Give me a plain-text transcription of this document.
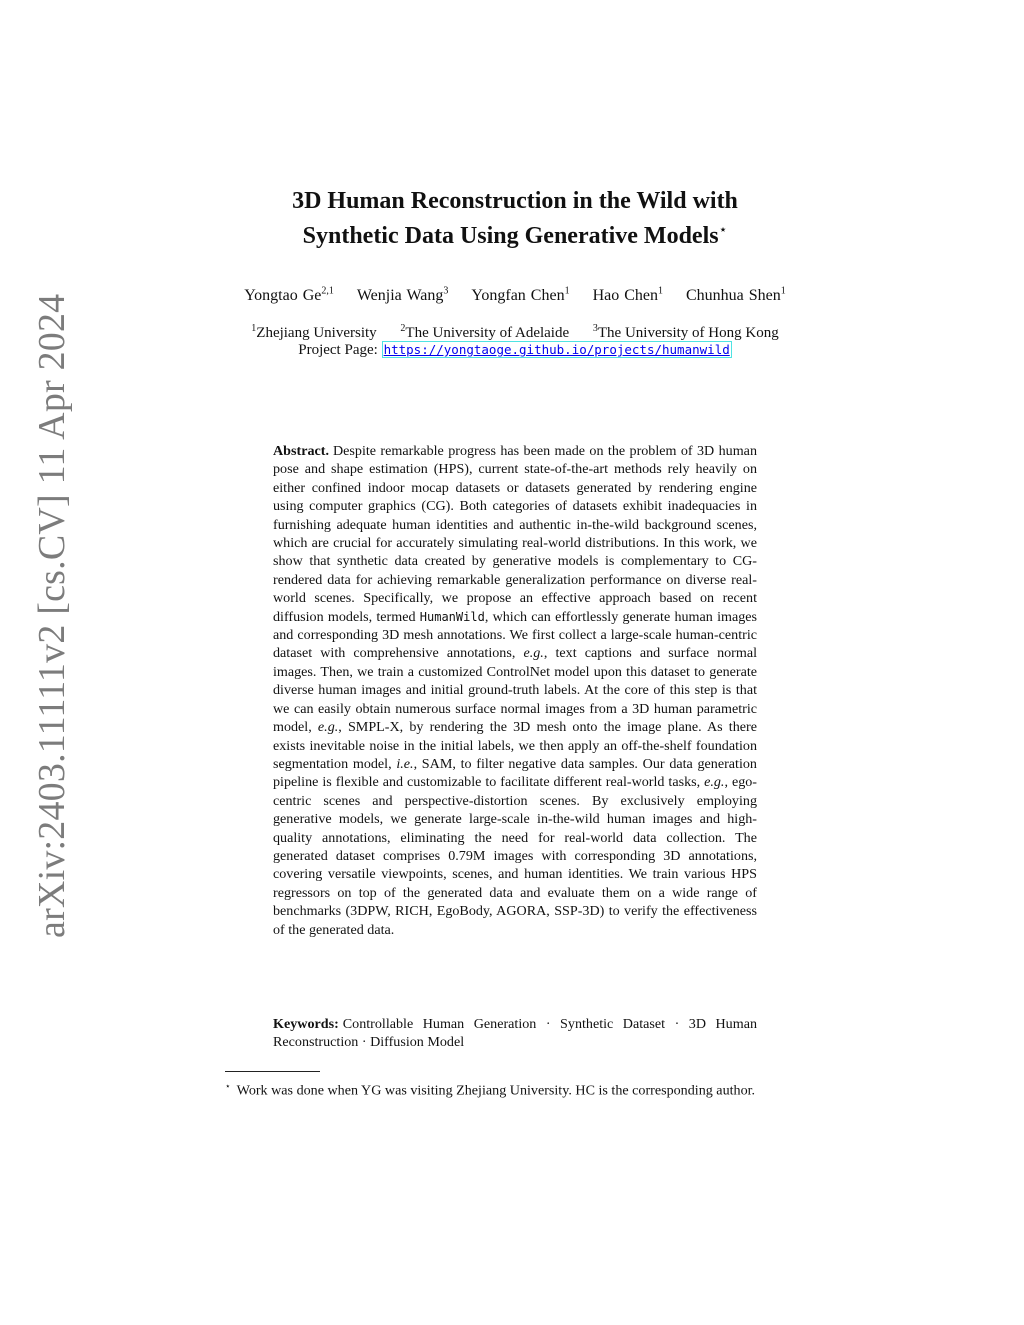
arXiv:2403.11111v2 [cs.CV] 11 Apr 2024
3D Human Reconstruction in the Wild with
Synthetic Data Using Generative Models⋆
Yongtao Ge$^{2,1}$ Wenjia Wang$^3$ Yongfan Chen$^1$ Hao Chen$^1$ Chunhua Shen$^1$
$^1$Zhejiang University $^2$The University of Adelaide $^3$The University of Hong Kong
Project Page: https://yongtaoge.github.io/projects/humanwild

Abstract. Despite remarkable progress has been made on the problem of 3D human pose and shape estimation (HPS), current state-of-the-art methods rely heavily on either confined indoor mocap datasets or datasets generated by rendering engine using computer graphics (CG). Both categories of datasets exhibit inadequacies in furnishing adequate human identities and authentic in-the-wild background scenes, which are crucial for accurately simulating real-world distributions. In this work, we show that synthetic data created by generative models is complementary to CG-rendered data for achieving remarkable generalization performance on diverse real-world scenes. Specifically, we propose an effective approach based on recent diffusion models, termed HumanWild, which can effortlessly generate human images and corresponding 3D mesh annotations. We first collect a large-scale human-centric dataset with comprehensive annotations, e.g., text captions and surface normal images. Then, we train a customized ControlNet model upon this dataset to generate diverse human images and initial ground-truth labels. At the core of this step is that we can easily obtain numerous surface normal images from a 3D human parametric model, e.g., SMPL-X, by rendering the 3D mesh onto the image plane. As there exists inevitable noise in the initial labels, we then apply an off-the-shelf foundation segmentation model, i.e., SAM, to filter negative data samples. Our data generation pipeline is flexible and customizable to facilitate different real-world tasks, e.g., ego-centric scenes and perspective-distortion scenes. By exclusively employing generative models, we generate large-scale in-the-wild human images and high-quality annotations, eliminating the need for real-world data collection. The generated dataset comprises 0.79M images with corresponding 3D annotations, covering versatile viewpoints, scenes, and human identities. We train various HPS regressors on top of the generated data and evaluate them on a wide range of benchmarks (3DPW, RICH, EgoBody, AGORA, SSP-3D) to verify the effectiveness of the generated data.

Keywords: Controllable Human Generation · Synthetic Dataset · 3D Human Reconstruction · Diffusion Model

⋆ Work was done when YG was visiting Zhejiang University. HC is the corresponding author.
